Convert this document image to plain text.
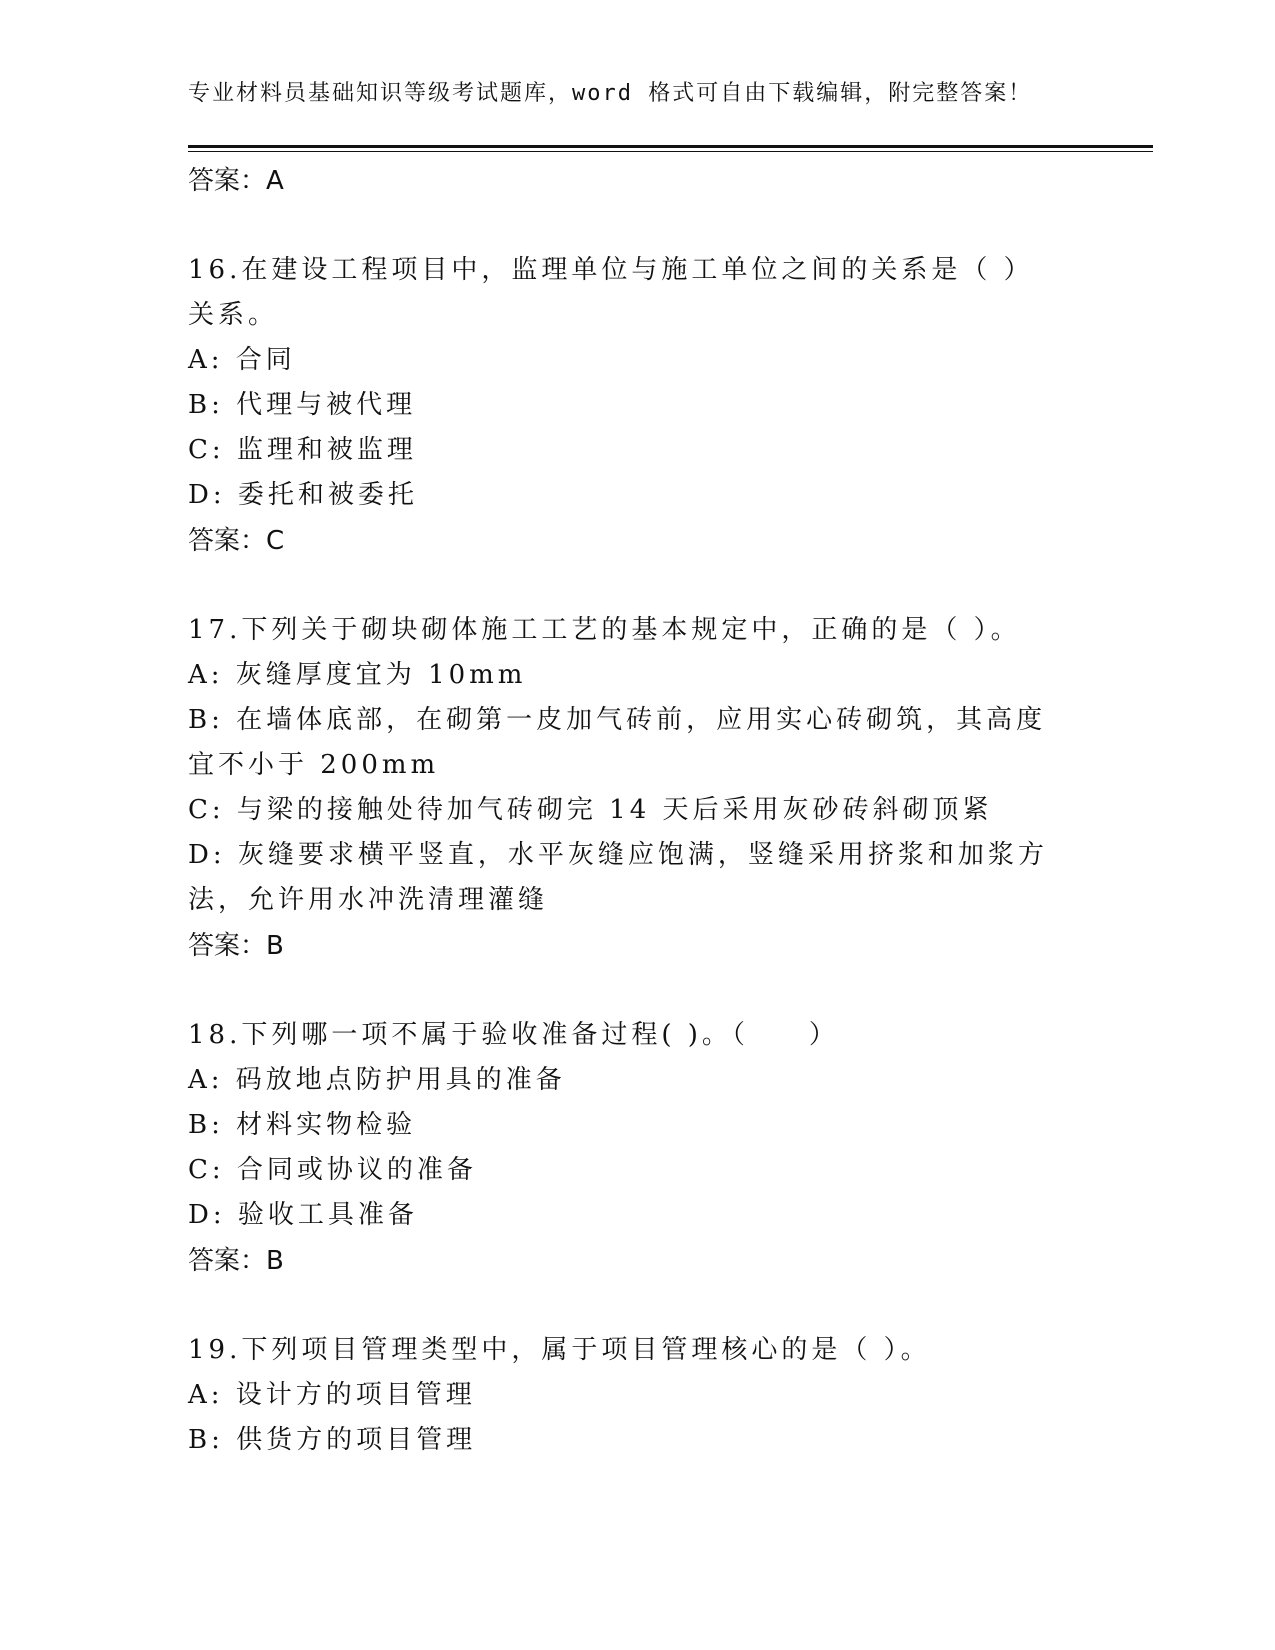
专业材料员基础知识等级考试题库，word 格式可自由下载编辑，附完整答案！
答案：A
16.在建设工程项目中，监理单位与施工单位之间的关系是（ ）关系。
A: 合同
B: 代理与被代理
C: 监理和被监理
D: 委托和被委托
答案：C
17.下列关于砌块砌体施工工艺的基本规定中，正确的是（ ）。
A: 灰缝厚度宜为 10mm
B: 在墙体底部，在砌第一皮加气砖前，应用实心砖砌筑，其高度宜不小于 200mm
C: 与梁的接触处待加气砖砌完 14 天后采用灰砂砖斜砌顶紧
D: 灰缝要求横平竖直，水平灰缝应饱满，竖缝采用挤浆和加浆方法，允许用水冲洗清理灌缝
答案：B
18.下列哪一项不属于验收准备过程( )。（　　）
A: 码放地点防护用具的准备
B: 材料实物检验
C: 合同或协议的准备
D: 验收工具准备
答案：B
19.下列项目管理类型中，属于项目管理核心的是（ ）。
A: 设计方的项目管理
B: 供货方的项目管理
